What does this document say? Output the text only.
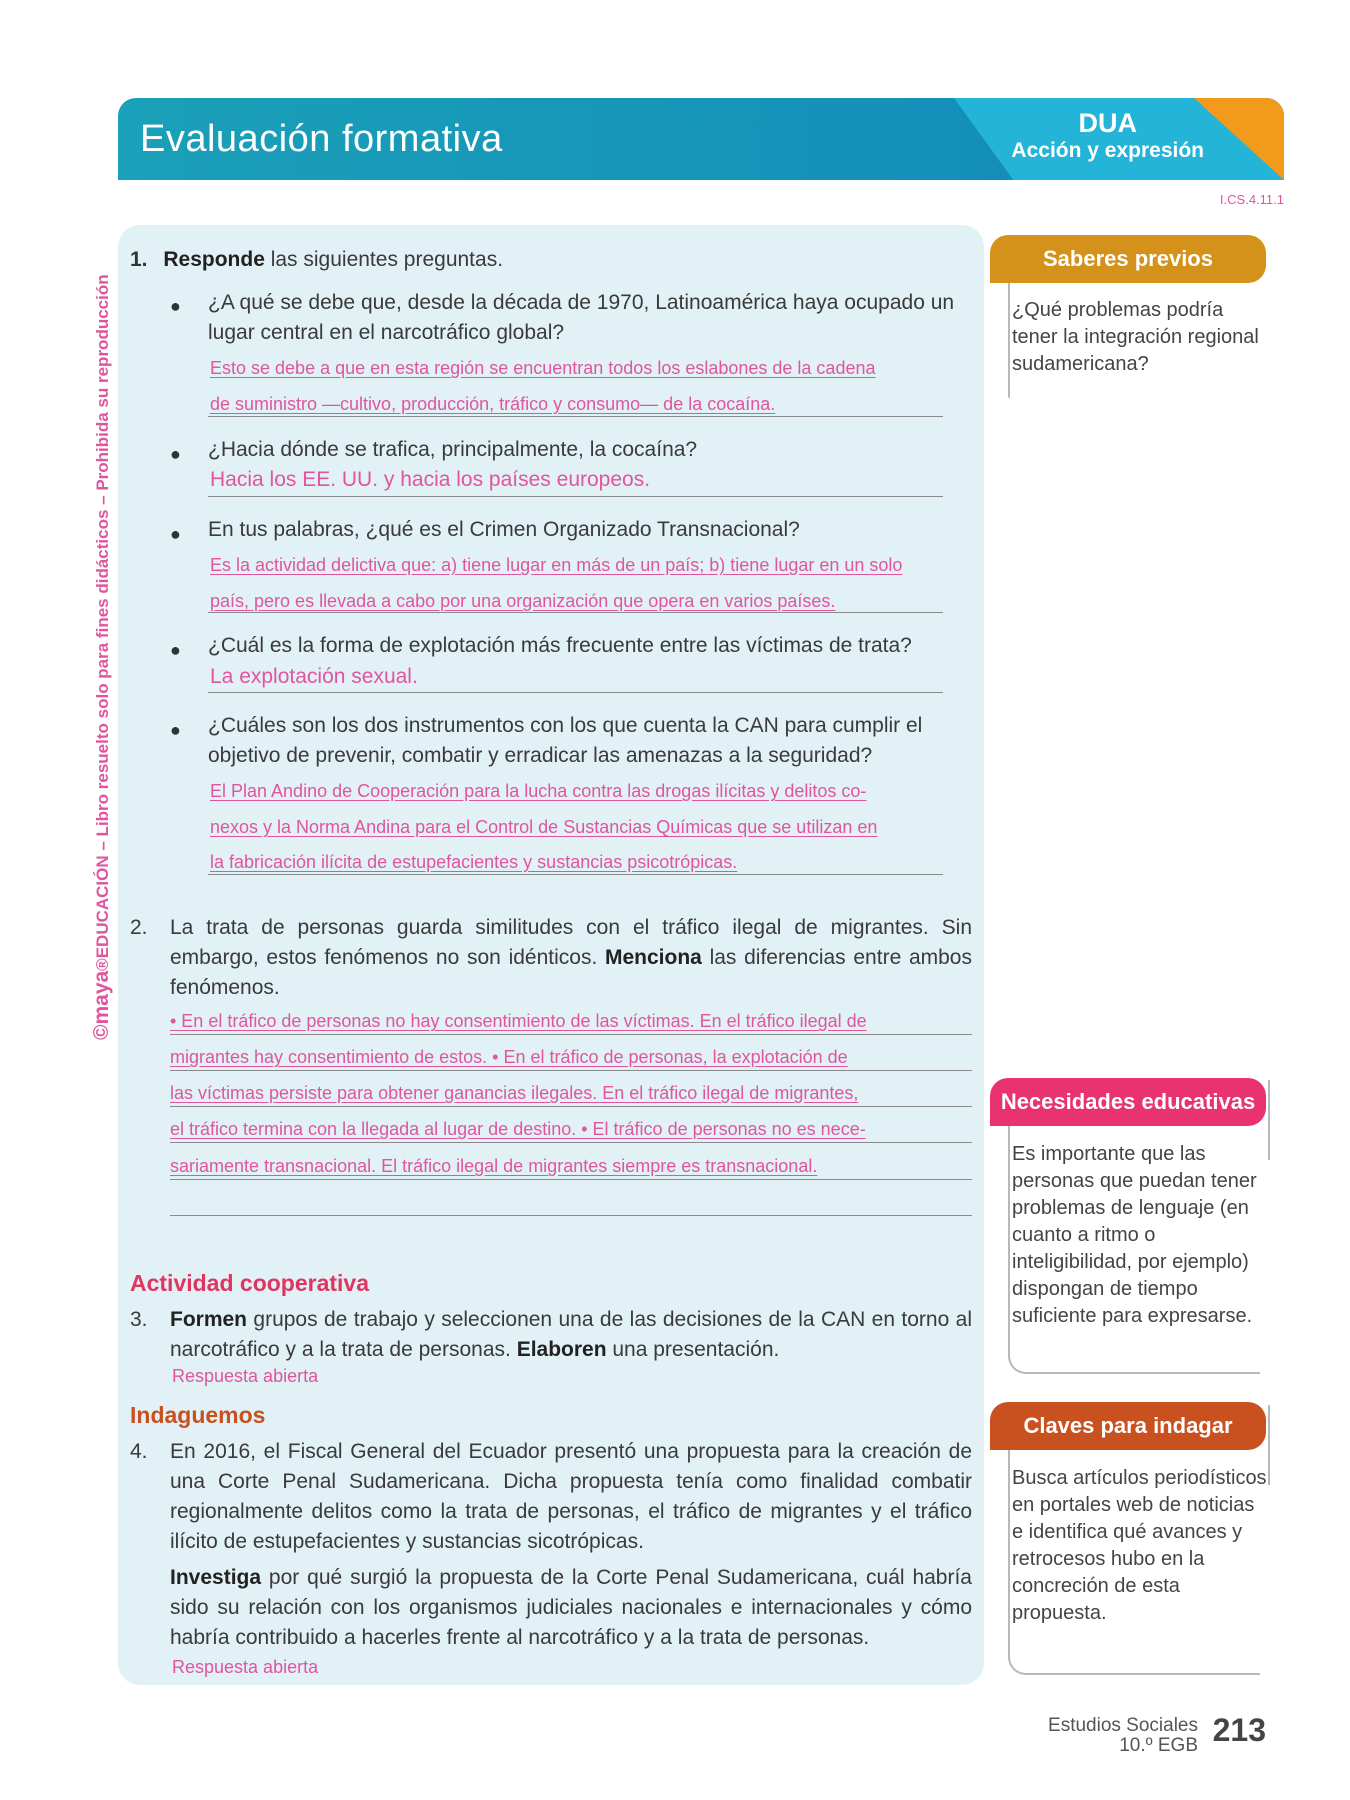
Evaluación formativa	DUA
Acción y expresión
I.CS.4.11.1
©maya®EDUCACIÓN – Libro resuelto solo para fines didácticos – Prohibida su reproducción
1. Responde las siguientes preguntas.
● ¿A qué se debe que, desde la década de 1970, Latinoamérica haya ocupado un lugar central en el narcotráfico global?
Esto se debe a que en esta región se encuentran todos los eslabones de la cadena
de suministro —cultivo, producción, tráfico y consumo— de la cocaína.
● ¿Hacia dónde se trafica, principalmente, la cocaína?
Hacia los EE. UU. y hacia los países europeos.
● En tus palabras, ¿qué es el Crimen Organizado Transnacional?
Es la actividad delictiva que: a) tiene lugar en más de un país; b) tiene lugar en un solo
país, pero es llevada a cabo por una organización que opera en varios países.
● ¿Cuál es la forma de explotación más frecuente entre las víctimas de trata?
La explotación sexual.
● ¿Cuáles son los dos instrumentos con los que cuenta la CAN para cumplir el objetivo de prevenir, combatir y erradicar las amenazas a la seguridad?
El Plan Andino de Cooperación para la lucha contra las drogas ilícitas y delitos co-
nexos y la Norma Andina para el Control de Sustancias Químicas que se utilizan en
la fabricación ilícita de estupefacientes y sustancias psicotrópicas.
2. La trata de personas guarda similitudes con el tráfico ilegal de migrantes. Sin embargo, estos fenómenos no son idénticos. Menciona las diferencias entre ambos fenómenos.
• En el tráfico de personas no hay consentimiento de las víctimas. En el tráfico ilegal de
migrantes hay consentimiento de estos. • En el tráfico de personas, la explotación de
las víctimas persiste para obtener ganancias ilegales. En el tráfico ilegal de migrantes,
el tráfico termina con la llegada al lugar de destino. • El tráfico de personas no es nece-
sariamente transnacional. El tráfico ilegal de migrantes siempre es transnacional.
Actividad cooperativa
3. Formen grupos de trabajo y seleccionen una de las decisiones de la CAN en torno al narcotráfico y a la trata de personas. Elaboren una presentación.
Respuesta abierta
Indaguemos
4. En 2016, el Fiscal General del Ecuador presentó una propuesta para la creación de una Corte Penal Sudamericana. Dicha propuesta tenía como finalidad combatir regionalmente delitos como la trata de personas, el tráfico de migrantes y el tráfico ilícito de estupefacientes y sustancias sicotrópicas.
Investiga por qué surgió la propuesta de la Corte Penal Sudamericana, cuál habría sido su relación con los organismos judiciales nacionales e internacionales y cómo habría contribuido a hacerles frente al narcotráfico y a la trata de personas.
Respuesta abierta
Saberes previos
¿Qué problemas podría tener la integración regional sudamericana?
Necesidades educativas
Es importante que las personas que puedan tener problemas de lenguaje (en cuanto a ritmo o inteligibilidad, por ejemplo) dispongan de tiempo suficiente para expresarse.
Claves para indagar
Busca artículos periodísticos en portales web de noticias e identifica qué avances y retrocesos hubo en la concreción de esta propuesta.
Estudios Sociales
10.º EGB 213
